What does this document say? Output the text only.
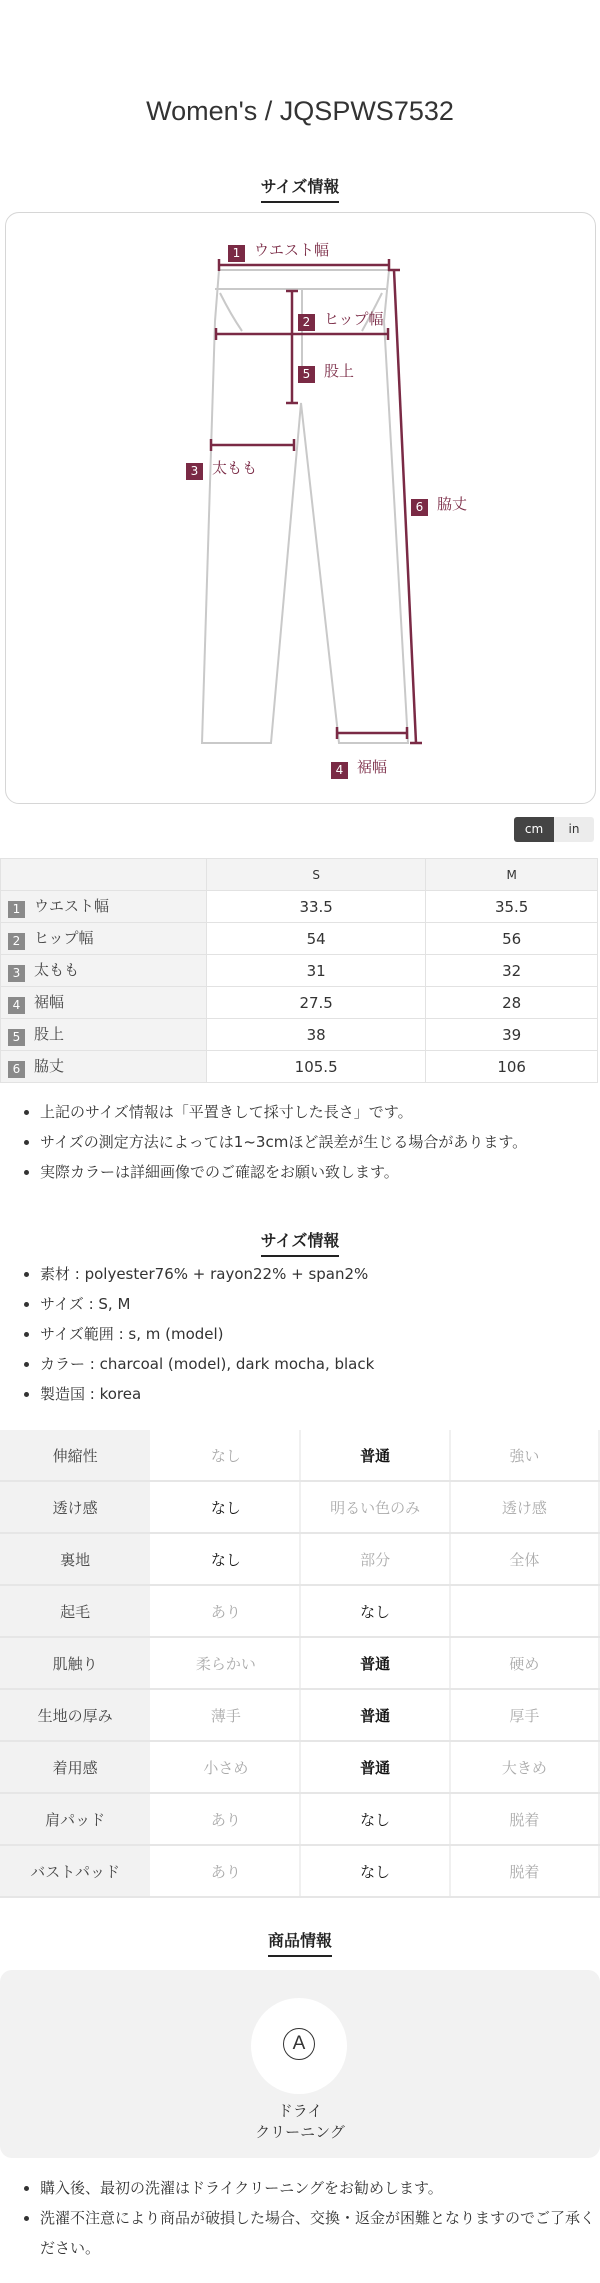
Women's / JQSPWS7532
サイズ情報
1 ウエスト幅
2 ヒップ幅
5 股上
3 太もも
6 脇丈
4 裾幅
cm	in
	S	M
1 ウエスト幅	33.5	35.5
2 ヒップ幅	54	56
3 太もも	31	32
4 裾幅	27.5	28
5 股上	38	39
6 脇丈	105.5	106
• 上記のサイズ情報は「平置きして採寸した長さ」です。
• サイズの測定方法によっては1~3cmほど誤差が生じる場合があります。
• 実際カラーは詳細画像でのご確認をお願い致します。
サイズ情報
• 素材 : polyester76% + rayon22% + span2%
• サイズ : S, M
• サイズ範囲 : s, m (model)
• カラー : charcoal (model), dark mocha, black
• 製造国 : korea
伸縮性	なし	普通	強い
透け感	なし	明るい色のみ	透け感
裏地	なし	部分	全体
起毛	あり	なし	
肌触り	柔らかい	普通	硬め
生地の厚み	薄手	普通	厚手
着用感	小さめ	普通	大きめ
肩パッド	あり	なし	脱着
バストパッド	あり	なし	脱着
商品情報
A
ドライ
クリーニング
• 購入後、最初の洗濯はドライクリーニングをお勧めします。
• 洗濯不注意により商品が破損した場合、交換・返金が困難となりますのでご了承ください。
